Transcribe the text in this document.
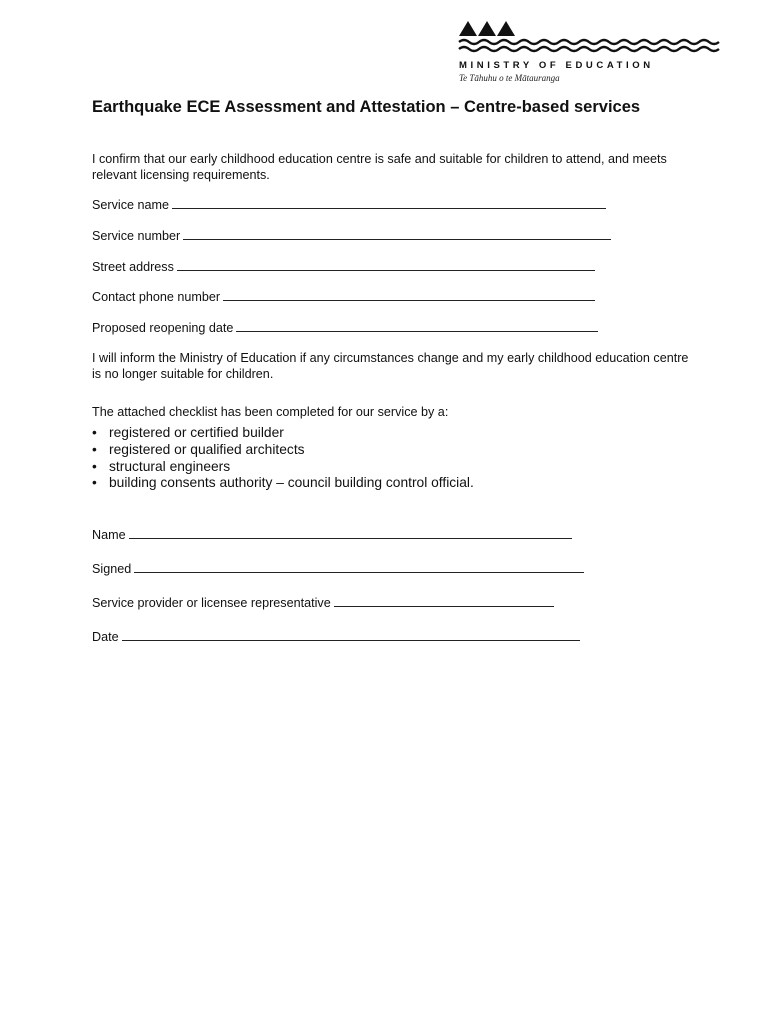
MINISTRY OF EDUCATION
Te Tāhuhu o te Mātauranga
Earthquake ECE Assessment and Attestation – Centre-based services

I confirm that our early childhood education centre is safe and suitable for children to attend, and meets relevant licensing requirements.

Service name
Service number
Street address
Contact phone number
Proposed reopening date

I will inform the Ministry of Education if any circumstances change and my early childhood education centre is no longer suitable for children.

The attached checklist has been completed for our service by a:

• registered or certified builder
• registered or qualified architects
• structural engineers
• building consents authority – council building control official.
Name
Signed
Service provider or licensee representative
Date
